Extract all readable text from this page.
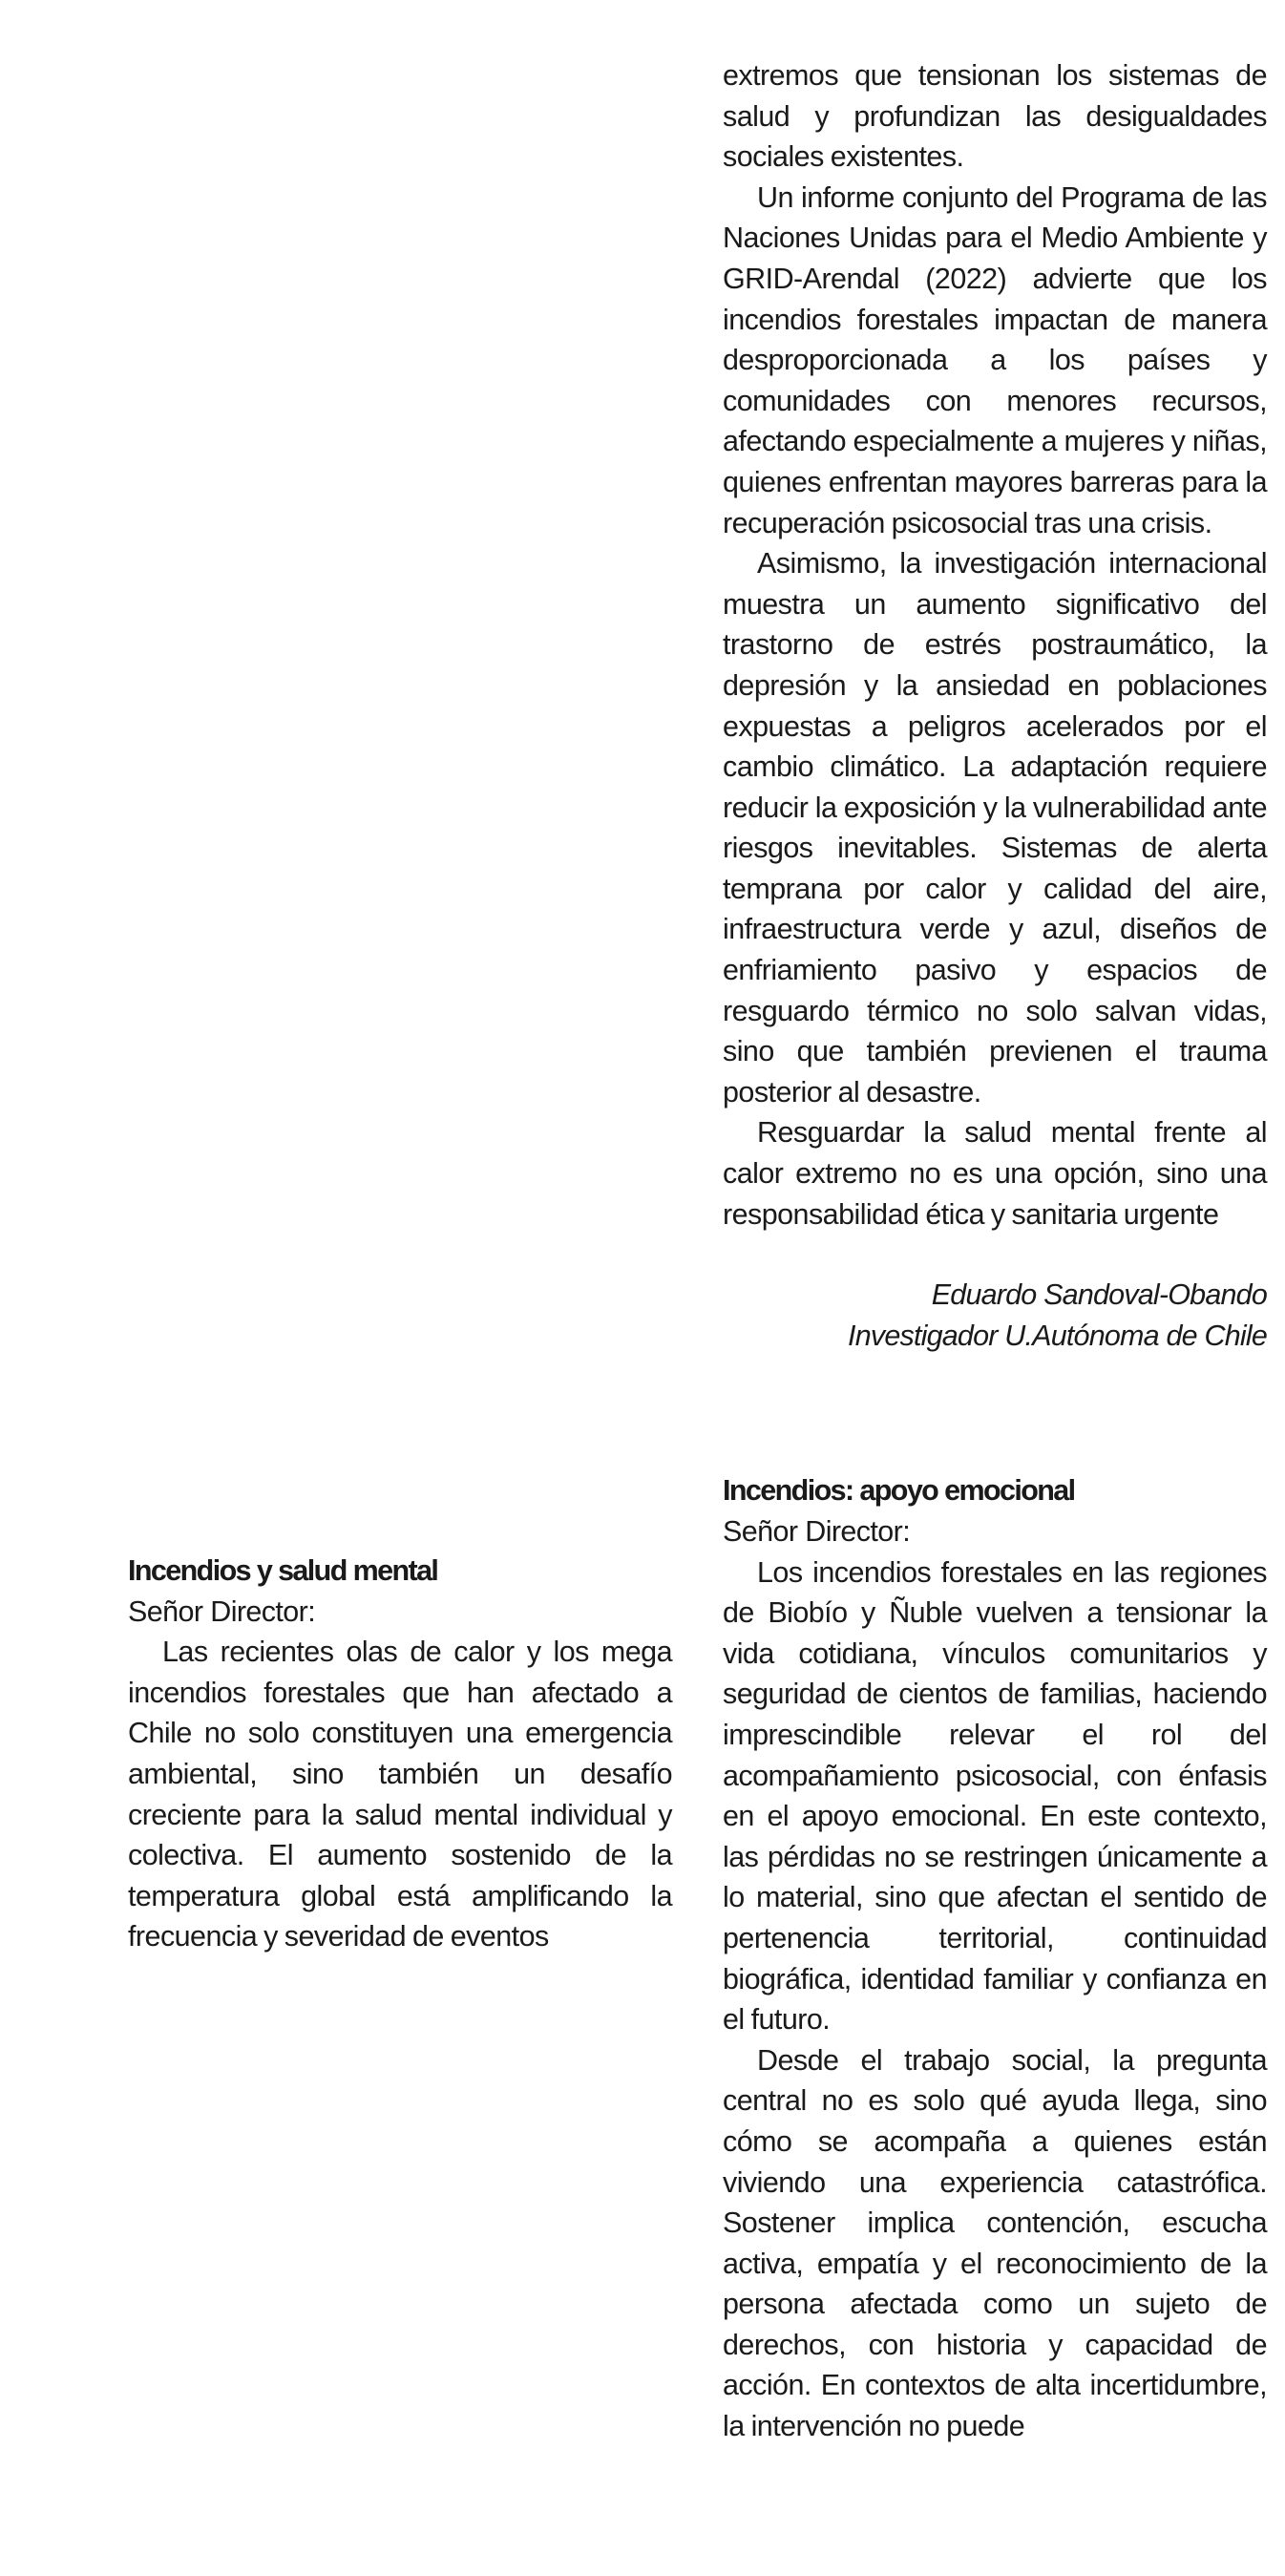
Incendios y salud mental

Señor Director:

Las recientes olas de calor y los mega incendios forestales que han afectado a Chile no solo constituyen una emergencia ambiental, sino también un desafío creciente para la salud mental individual y colectiva. El aumento sostenido de la temperatura global está amplificando la frecuencia y severidad de eventos

extremos que tensionan los sistemas de salud y profundizan las desigualdades sociales existentes.

Un informe conjunto del Programa de las Naciones Unidas para el Medio Ambiente y GRID-Arendal (2022) advierte que los incendios forestales impactan de manera desproporcionada a los países y comunidades con menores recursos, afectando especialmente a mujeres y niñas, quienes enfrentan mayores barreras para la recuperación psicosocial tras una crisis.

Asimismo, la investigación internacional muestra un aumento significativo del trastorno de estrés postraumático, la depresión y la ansiedad en poblaciones expuestas a peligros acelerados por el cambio climático. La adaptación requiere reducir la exposición y la vulnerabilidad ante riesgos inevitables. Sistemas de alerta temprana por calor y calidad del aire, infraestructura verde y azul, diseños de enfriamiento pasivo y espacios de resguardo térmico no solo salvan vidas, sino que también previenen el trauma posterior al desastre.

Resguardar la salud mental frente al calor extremo no es una opción, sino una responsabilidad ética y sanitaria urgente

Eduardo Sandoval-Obando
Investigador U.Autónoma de Chile
Incendios: apoyo emocional

Señor Director:

Los incendios forestales en las regiones de Biobío y Ñuble vuelven a tensionar la vida cotidiana, vínculos comunitarios y seguridad de cientos de familias, haciendo imprescindible relevar el rol del acompañamiento psicosocial, con énfasis en el apoyo emocional. En este contexto, las pérdidas no se restringen únicamente a lo material, sino que afectan el sentido de pertenencia territorial, continuidad biográfica, identidad familiar y confianza en el futuro.

Desde el trabajo social, la pregunta central no es solo qué ayuda llega, sino cómo se acompaña a quienes están viviendo una experiencia catastrófica. Sostener implica contención, escucha activa, empatía y el reconocimiento de la persona afectada como un sujeto de derechos, con historia y capacidad de acción. En contextos de alta incertidumbre, la intervención no puede
